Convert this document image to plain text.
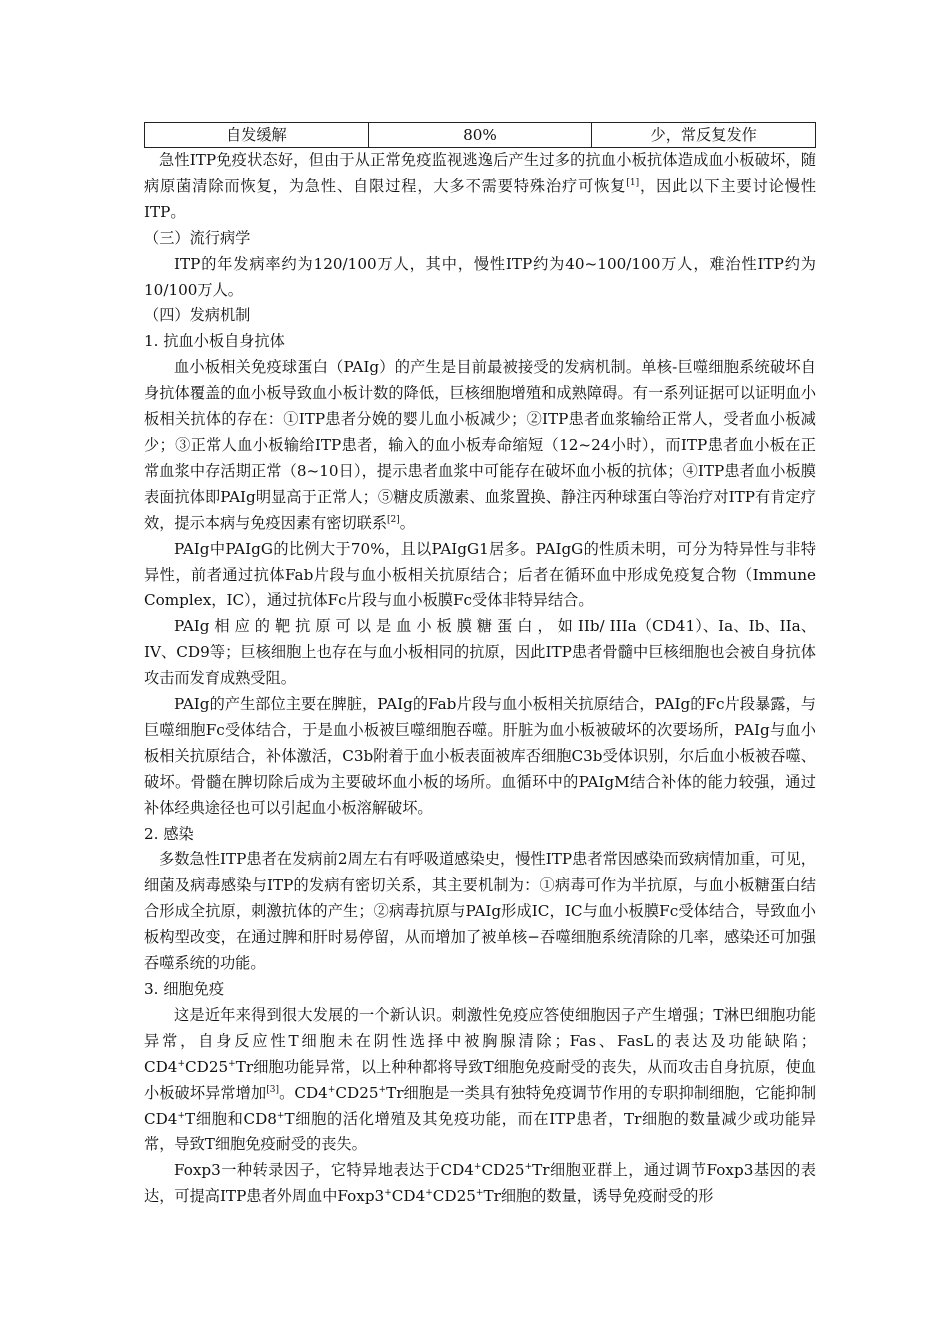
自发缓解	80%	少，常反复发作

急性ITP免疫状态好，但由于从正常免疫监视逃逸后产生过多的抗血小板抗体造成血小板破坏，随病原菌清除而恢复，为急性、自限过程，大多不需要特殊治疗可恢复[1]，因此以下主要讨论慢性ITP。

（三）流行病学

ITP的年发病率约为120/100万人，其中，慢性ITP约为40~100/100万人，难治性ITP约为10/100万人。

（四）发病机制

1. 抗血小板自身抗体

血小板相关免疫球蛋白（PAIg）的产生是目前最被接受的发病机制。单核-巨噬细胞系统破坏自身抗体覆盖的血小板导致血小板计数的降低，巨核细胞增殖和成熟障碍。有一系列证据可以证明血小板相关抗体的存在：①ITP患者分娩的婴儿血小板减少；②ITP患者血浆输给正常人，受者血小板减少；③正常人血小板输给ITP患者，输入的血小板寿命缩短（12~24小时），而ITP患者血小板在正常血浆中存活期正常（8~10日），提示患者血浆中可能存在破坏血小板的抗体；④ITP患者血小板膜表面抗体即PAIg明显高于正常人；⑤糖皮质激素、血浆置换、静注丙种球蛋白等治疗对ITP有肯定疗效，提示本病与免疫因素有密切联系[2]。

PAIg中PAIgG的比例大于70%，且以PAIgG1居多。PAIgG的性质未明，可分为特异性与非特异性，前者通过抗体Fab片段与血小板相关抗原结合；后者在循环血中形成免疫复合物（Immune Complex，IC），通过抗体Fc片段与血小板膜Fc受体非特异结合。

PAIg 相 应 的 靶 抗 原 可 以 是 血 小 板 膜 糖 蛋 白 ， 如 IIb/ IIIa（CD41）、Ia、Ib、IIa、IV、CD9等；巨核细胞上也存在与血小板相同的抗原，因此ITP患者骨髓中巨核细胞也会被自身抗体攻击而发育成熟受阻。

PAIg的产生部位主要在脾脏，PAIg的Fab片段与血小板相关抗原结合，PAIg的Fc片段暴露，与巨噬细胞Fc受体结合，于是血小板被巨噬细胞吞噬。肝脏为血小板被破坏的次要场所，PAIg与血小板相关抗原结合，补体激活，C3b附着于血小板表面被库否细胞C3b受体识别，尔后血小板被吞噬、破坏。骨髓在脾切除后成为主要破坏血小板的场所。血循环中的PAIgM结合补体的能力较强，通过补体经典途径也可以引起血小板溶解破坏。

2. 感染

多数急性ITP患者在发病前2周左右有呼吸道感染史，慢性ITP患者常因感染而致病情加重，可见，细菌及病毒感染与ITP的发病有密切关系，其主要机制为：①病毒可作为半抗原，与血小板糖蛋白结合形成全抗原，刺激抗体的产生；②病毒抗原与PAIg形成IC，IC与血小板膜Fc受体结合，导致血小板构型改变，在通过脾和肝时易停留，从而增加了被单核−吞噬细胞系统清除的几率，感染还可加强吞噬系统的功能。

3. 细胞免疫

这是近年来得到很大发展的一个新认识。刺激性免疫应答使细胞因子产生增强；T淋巴细胞功能异常，自身反应性T细胞未在阴性选择中被胸腺清除；Fas、FasL的表达及功能缺陷；CD4+CD25+Tr细胞功能异常，以上种种都将导致T细胞免疫耐受的丧失，从而攻击自身抗原，使血小板破坏异常增加[3]。CD4+CD25+Tr细胞是一类具有独特免疫调节作用的专职抑制细胞，它能抑制CD4+T细胞和CD8+T细胞的活化增殖及其免疫功能，而在ITP患者，Tr细胞的数量减少或功能异常，导致T细胞免疫耐受的丧失。

Foxp3一种转录因子，它特异地表达于CD4+CD25+Tr细胞亚群上，通过调节Foxp3基因的表达，可提高ITP患者外周血中Foxp3+CD4+CD25+Tr细胞的数量，诱导免疫耐受的形
